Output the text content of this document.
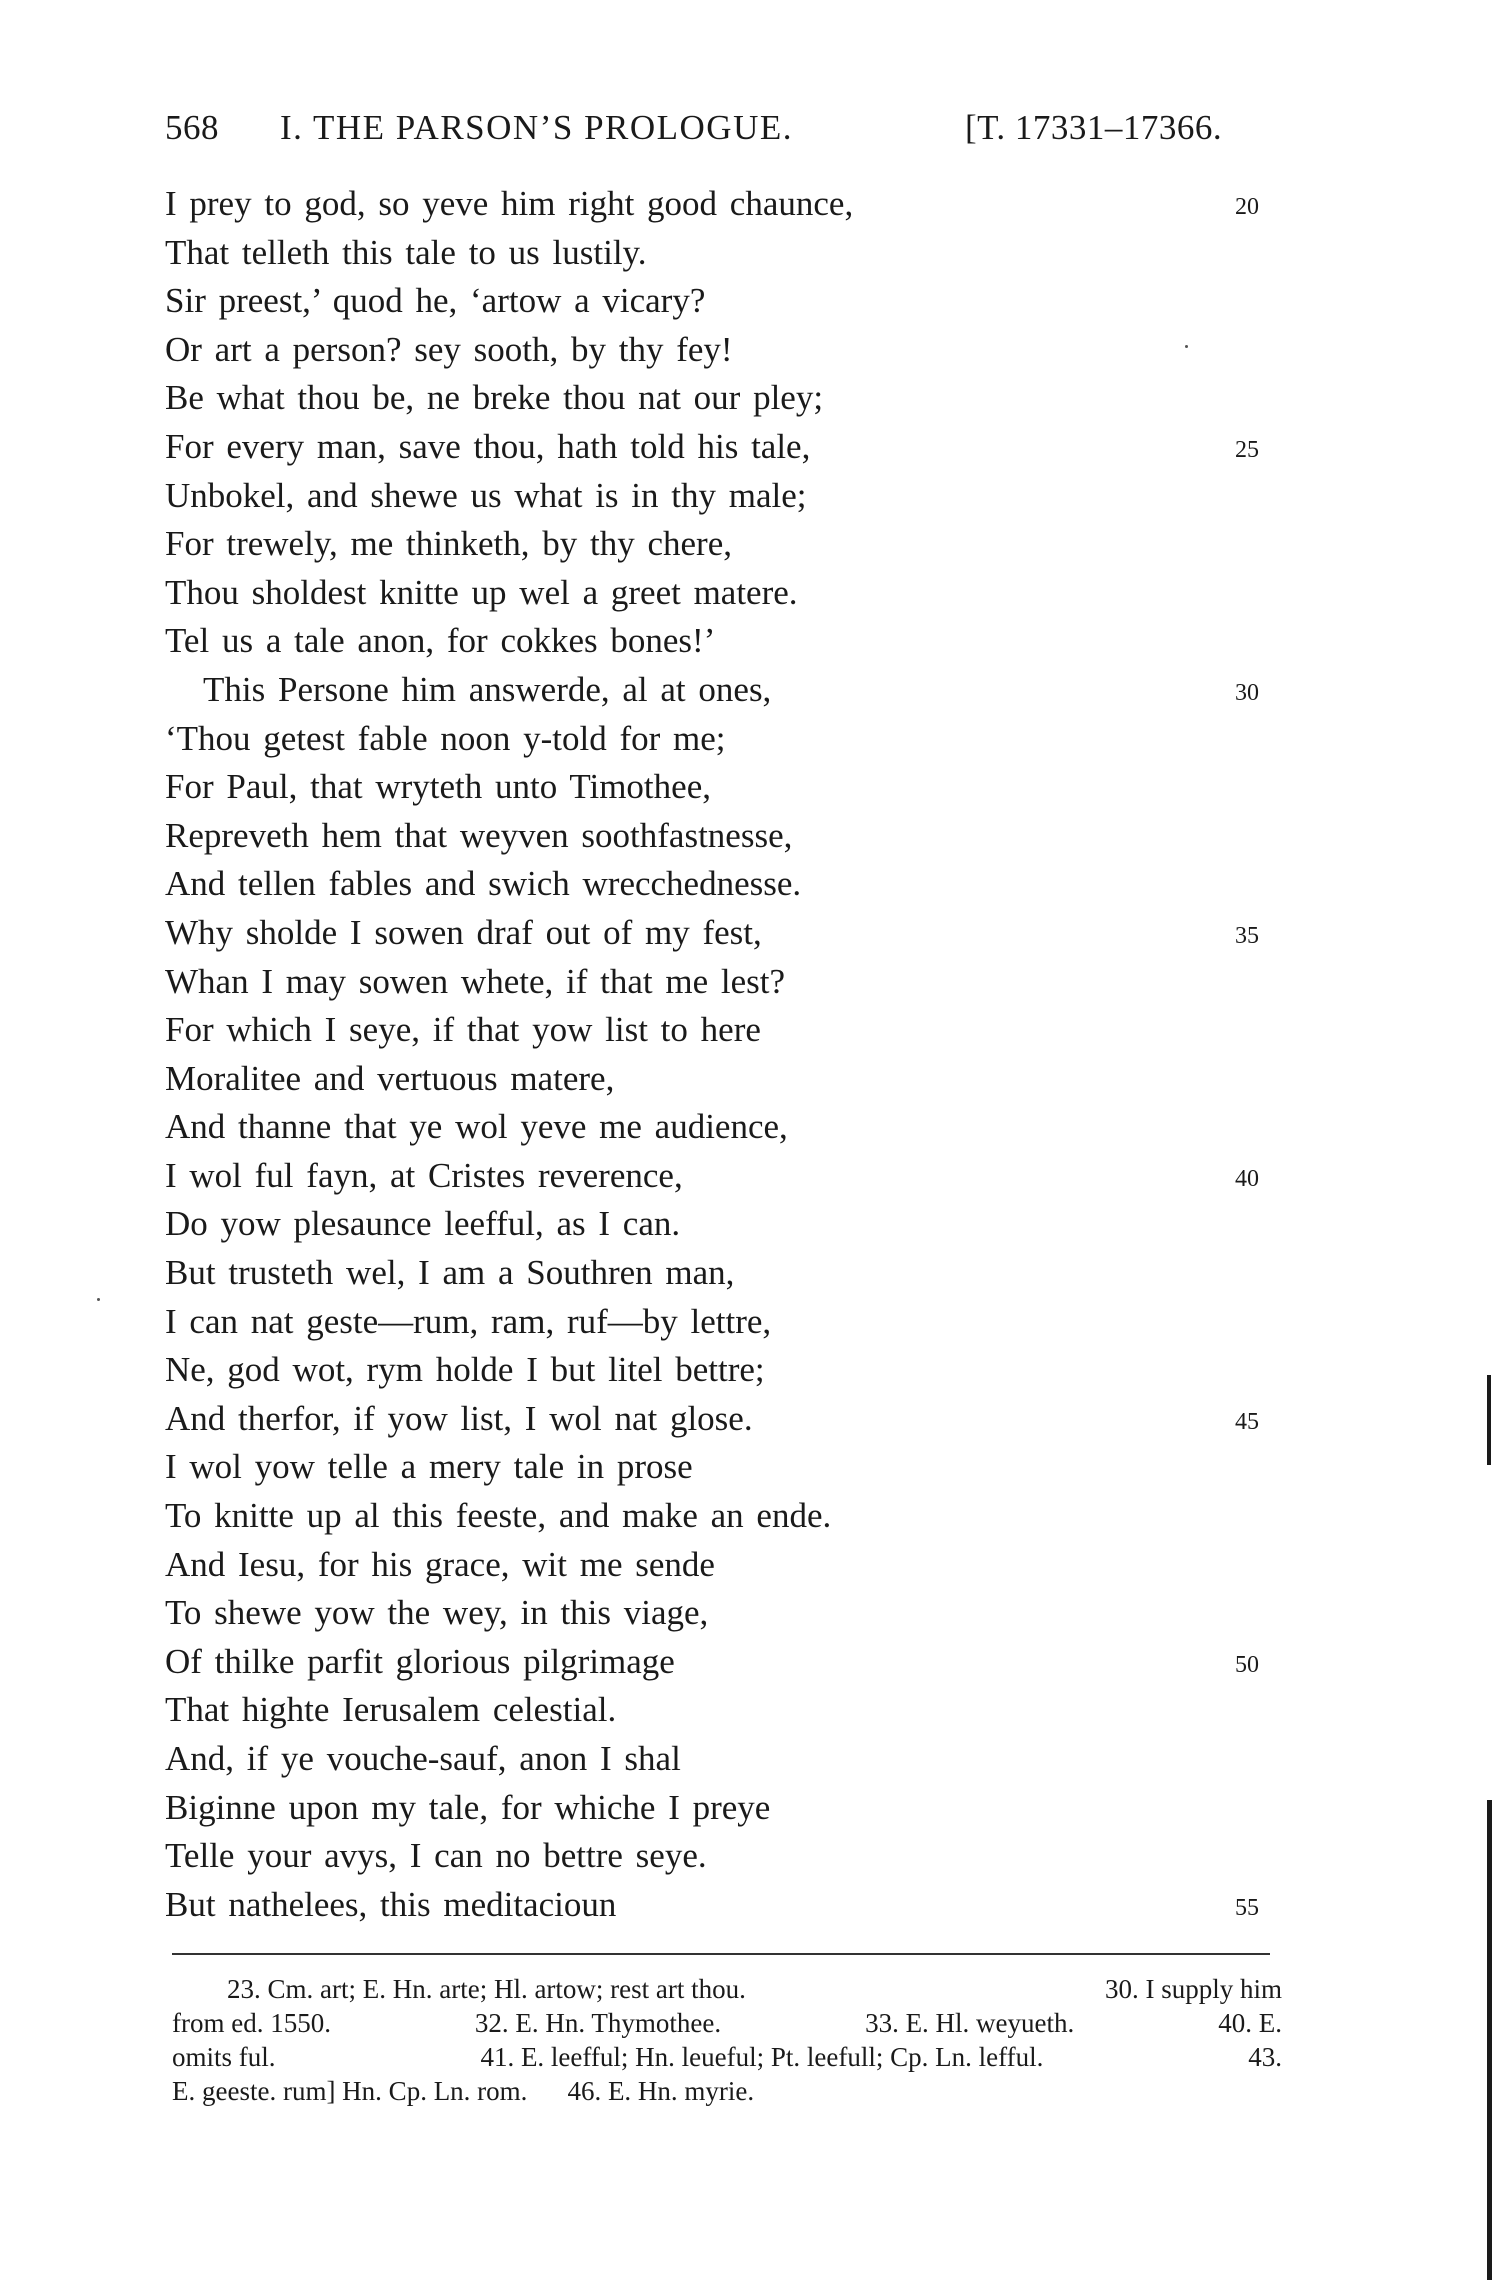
568 I. THE PARSON’S PROLOGUE.	[T. 17331–17366.
I prey to god, so yeve him right good chaunce,	20
That telleth this tale to us lustily.
Sir preest,’ quod he, ‘artow a vicary?
Or art a person? sey sooth, by thy fey!
Be what thou be, ne breke thou nat our pley;
For every man, save thou, hath told his tale,	25
Unbokel, and shewe us what is in thy male;
For trewely, me thinketh, by thy chere,
Thou sholdest knitte up wel a greet matere.
Tel us a tale anon, for cokkes bones!’
This Persone him answerde, al at ones,	30
‘Thou getest fable noon y-told for me;
For Paul, that wryteth unto Timothee,
Repreveth hem that weyven soothfastnesse,
And tellen fables and swich wrecchednesse.
Why sholde I sowen draf out of my fest,	35
Whan I may sowen whete, if that me lest?
For which I seye, if that yow list to here
Moralitee and vertuous matere,
And thanne that ye wol yeve me audience,
I wol ful fayn, at Cristes reverence,	40
Do yow plesaunce leefful, as I can.
But trusteth wel, I am a Southren man,
I can nat geste—rum, ram, ruf—by lettre,
Ne, god wot, rym holde I but litel bettre;
And therfor, if yow list, I wol nat glose.	45
I wol yow telle a mery tale in prose
To knitte up al this feeste, and make an ende.
And Iesu, for his grace, wit me sende
To shewe yow the wey, in this viage,
Of thilke parfit glorious pilgrimage	50
That highte Ierusalem celestial.
And, if ye vouche-sauf, anon I shal
Biginne upon my tale, for whiche I preye
Telle your avys, I can no bettre seye.
But nathelees, this meditacioun	55
23. Cm. art; E. Hn. arte; Hl. artow; rest art thou.	30. I supply him
from ed. 1550.	32. E. Hn. Thymothee.	33. E. Hl. weyueth.	40. E.
omits ful.	41. E. leefful; Hn. leueful; Pt. leefull; Cp. Ln. lefful.	43.
E. geeste. rum] Hn. Cp. Ln. rom. 46. E. Hn. myrie.
